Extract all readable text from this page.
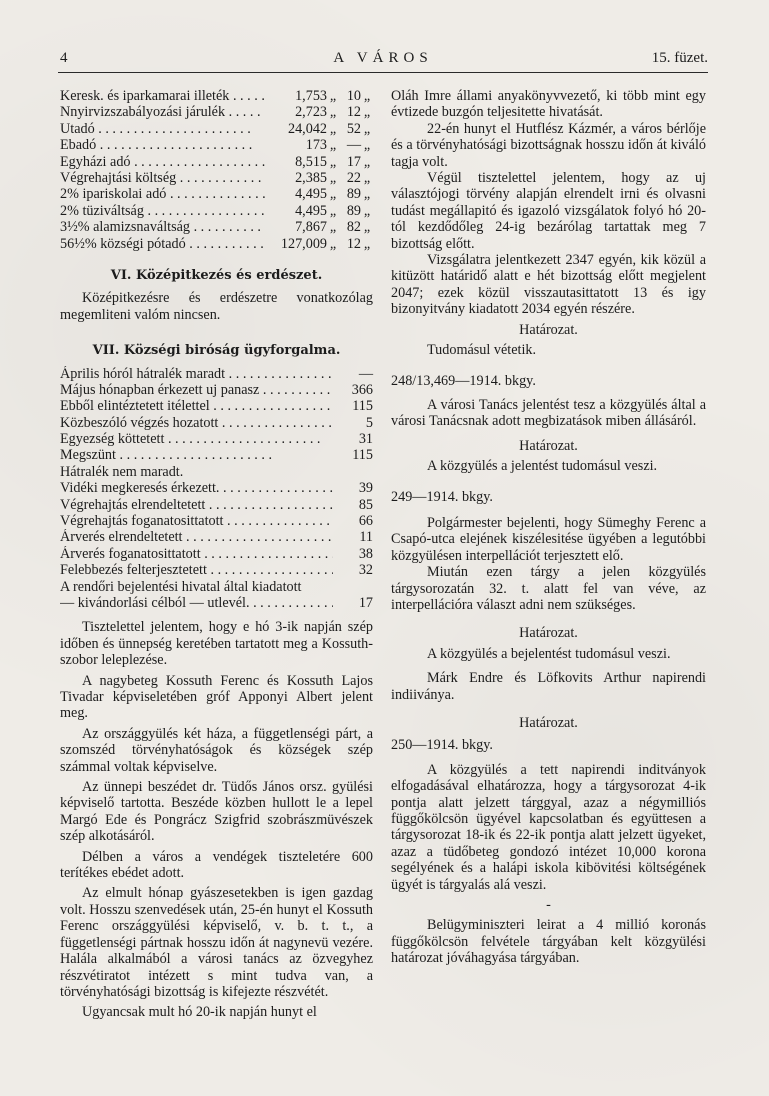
4	A VÁROS	15. füzet.
Keresk. és iparkamarai illeték . .	1,753 „ 10 „
Nnyirvizszabályozási járulék . .	2,723 „ 12 „
Utadó . .	24,042 „ 52 „
Ebadó . .	173 „ — „
Egyházi adó . .	8,515 „ 17 „
Végrehajtási költség . .	2,385 „ 22 „
2% ipariskolai adó . .	4,495 „ 89 „
2% tüziváltság . .	4,495 „ 89 „
3½% alamizsnaváltság . .	7,867 „ 82 „
56½% községi pótadó . .	127,009 „ 12 „
VI. Középitkezés és erdészet.

Középitkezésre és erdészetre vonatkozólag megemliteni valóm nincsen.

VII. Községi biróság ügyforgalma.
Április hóról hátralék maradt . .	—
Május hónapban érkezett uj panasz . .	366
Ebből elintéztetett itélettel . .	115
Közbeszóló végzés hozatott . .	5
Egyezség köttetett . .	31
Megszünt . .	115
Hátralék nem maradt.
Vidéki megkeresés érkezett. . .	39
Végrehajtás elrendeltetett . .	85
Végrehajtás foganatosittatott . .	66
Árverés elrendeltetett . .	11
Árverés foganatosittatott . .	38
Felebbezés felterjesztetett . .	32
A rendőri bejelentési hivatal által kiadatott
— kivándorlási célból — utlevél. . .	17

Tisztelettel jelentem, hogy e hó 3-ik napján szép időben és ünnepség keretében tartatott meg a Kossuth-szobor leleplezése.

A nagybeteg Kossuth Ferenc és Kossuth Lajos Tivadar képviseletében gróf Apponyi Albert jelent meg.

Az országgyülés két háza, a függetlenségi párt, a szomszéd törvényhatóságok és községek szép számmal voltak képviselve.

Az ünnepi beszédet dr. Tüdős János orsz. gyülési képviselő tartotta. Beszéde közben hullott le a lepel Margó Ede és Pongrácz Szigfrid szobrászmüvészek szép alkotásáról.

Délben a város a vendégek tiszteletére 600 terítékes ebédet adott.

Az elmult hónap gyászesetekben is igen gazdag volt. Hosszu szenvedések után, 25-én hunyt el Kossuth Ferenc országgyülési képviselő, v. b. t. t., a függetlenségi pártnak hosszu időn át nagynevü vezére. Halála alkalmából a városi tanács az özvegyhez részvétiratot intézett s mint tudva van, a törvényhatósági bizottság is kifejezte részvétét.

Ugyancsak mult hó 20-ik napján hunyt el

Oláh Imre állami anyakönyvvezető, ki több mint egy évtizede buzgón teljesitette hivatását.

22-én hunyt el Hutflész Kázmér, a város bérlője és a törvényhatósági bizottságnak hosszu időn át kiváló tagja volt.

Végül tisztelettel jelentem, hogy az uj választójogi törvény alapján elrendelt irni és olvasni tudást megállapitó és igazoló vizsgálatok folyó hó 20-tól kezdődőleg 24-ig bezárólag tartattak meg 7 bizottság előtt.

Vizsgálatra jelentkezett 2347 egyén, kik közül a kitüzött határidő alatt e hét bizottság előtt megjelent 2047; ezek közül visszautasittatott 13 és igy bizonyitvány kiadatott 2034 egyén részére.

Határozat.

Tudomásul vétetik.

248/13,469—1914. bkgy.

A városi Tanács jelentést tesz a közgyülés által a városi Tanácsnak adott megbizatások miben állásáról.

Határozat.

A közgyülés a jelentést tudomásul veszi.

249—1914. bkgy.

Polgármester bejelenti, hogy Sümeghy Ferenc a Csapó-utca elejének kiszélesitése ügyében a legutóbbi közgyülésen interpellációt terjesztett elő.

Miután ezen tárgy a jelen közgyülés tárgysorozatán 32. t. alatt fel van véve, az interpellációra választ adni nem szükséges.

Határozat.

A közgyülés a bejelentést tudomásul veszi.

Márk Endre és Löfkovits Arthur napirendi indiiványa.

Határozat.

250—1914. bkgy.

A közgyülés a tett napirendi inditványok elfogadásával elhatározza, hogy a tárgysorozat 4-ik pontja alatt jelzett tárggyal, azaz a négymilliós függőkölcsön ügyével kapcsolatban és együttesen a tárgysorozat 18-ik és 22-ik pontja alatt jelzett ügyeket, azaz a tüdőbeteg gondozó intézet 10,000 korona segélyének és a halápi iskola kibövitési költségének ügyét is tárgyalás alá veszi.

-

Belügyminiszteri leirat a 4 millió koronás függőkölcsön felvétele tárgyában kelt közgyülési határozat jóváhagyása tárgyában.
